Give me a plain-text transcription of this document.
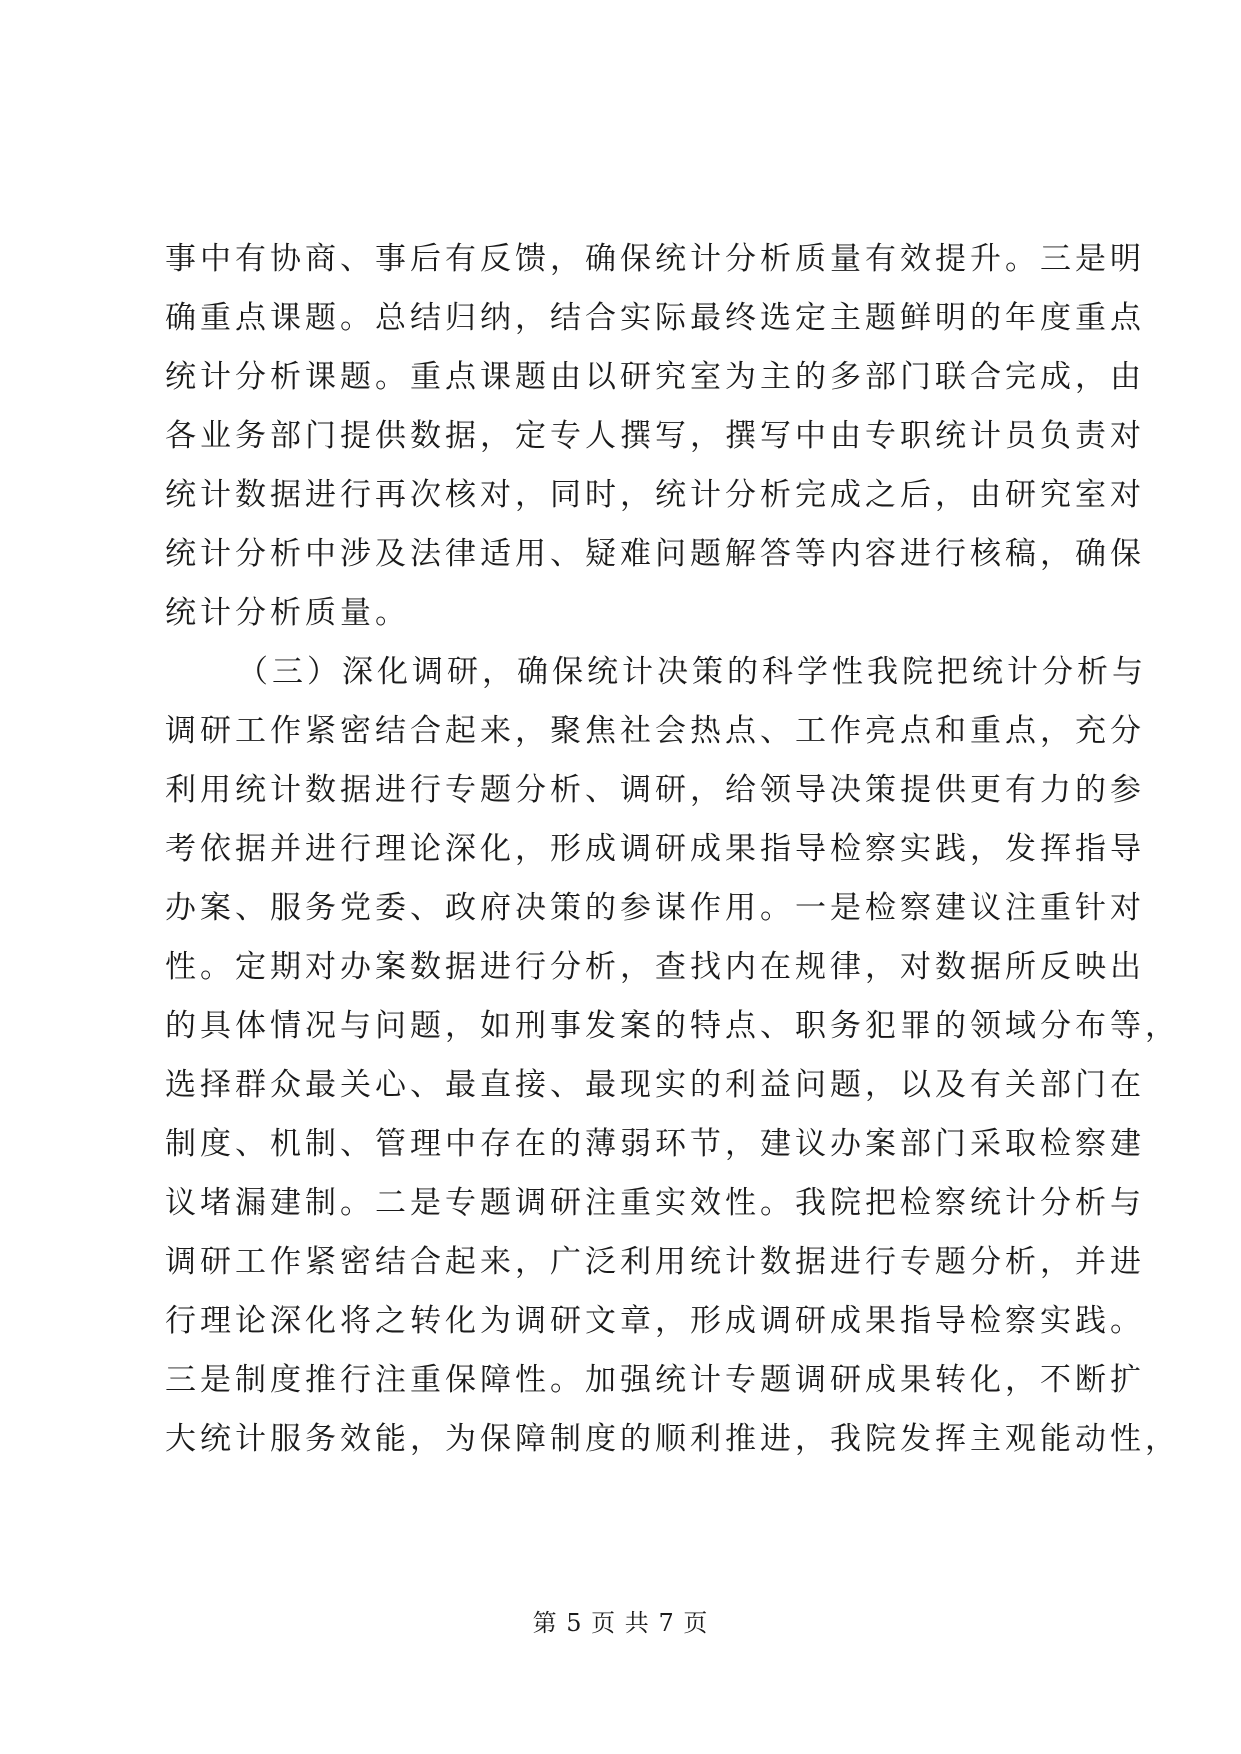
事中有协商、事后有反馈，确保统计分析质量有效提升。三是明
确重点课题。总结归纳，结合实际最终选定主题鲜明的年度重点
统计分析课题。重点课题由以研究室为主的多部门联合完成，由
各业务部门提供数据，定专人撰写，撰写中由专职统计员负责对
统计数据进行再次核对，同时，统计分析完成之后，由研究室对
统计分析中涉及法律适用、疑难问题解答等内容进行核稿，确保
统计分析质量。
（三）深化调研，确保统计决策的科学性我院把统计分析与
调研工作紧密结合起来，聚焦社会热点、工作亮点和重点，充分
利用统计数据进行专题分析、调研，给领导决策提供更有力的参
考依据并进行理论深化，形成调研成果指导检察实践，发挥指导
办案、服务党委、政府决策的参谋作用。一是检察建议注重针对
性。定期对办案数据进行分析，查找内在规律，对数据所反映出
的具体情况与问题，如刑事发案的特点、职务犯罪的领域分布等，
选择群众最关心、最直接、最现实的利益问题，以及有关部门在
制度、机制、管理中存在的薄弱环节，建议办案部门采取检察建
议堵漏建制。二是专题调研注重实效性。我院把检察统计分析与
调研工作紧密结合起来，广泛利用统计数据进行专题分析，并进
行理论深化将之转化为调研文章，形成调研成果指导检察实践。
三是制度推行注重保障性。加强统计专题调研成果转化，不断扩
大统计服务效能，为保障制度的顺利推进，我院发挥主观能动性，
第 5 页 共 7 页
